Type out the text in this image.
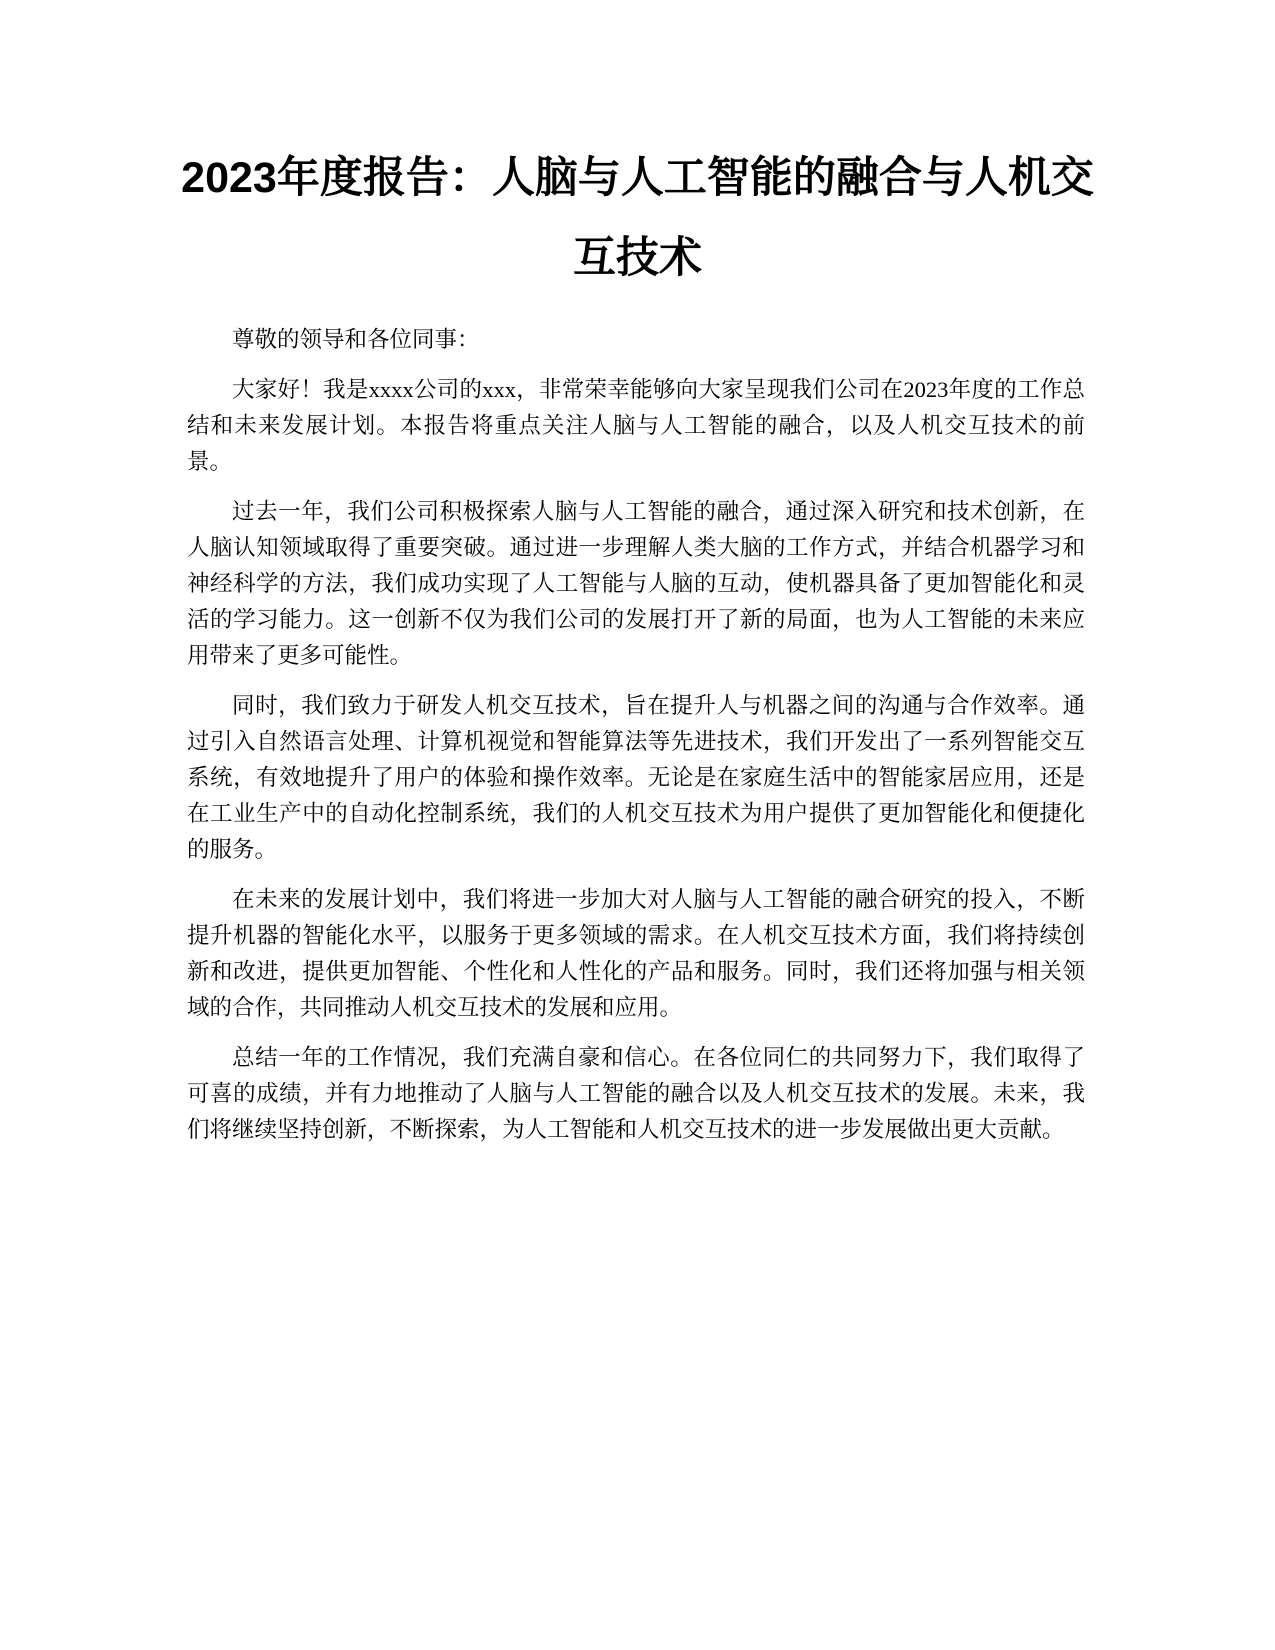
2023年度报告：人脑与人工智能的融合与人机交互技术

尊敬的领导和各位同事：

大家好！我是xxxx公司的xxx，非常荣幸能够向大家呈现我们公司在2023年度的工作总结和未来发展计划。本报告将重点关注人脑与人工智能的融合，以及人机交互技术的前景。

过去一年，我们公司积极探索人脑与人工智能的融合，通过深入研究和技术创新，在人脑认知领域取得了重要突破。通过进一步理解人类大脑的工作方式，并结合机器学习和神经科学的方法，我们成功实现了人工智能与人脑的互动，使机器具备了更加智能化和灵活的学习能力。这一创新不仅为我们公司的发展打开了新的局面，也为人工智能的未来应用带来了更多可能性。

同时，我们致力于研发人机交互技术，旨在提升人与机器之间的沟通与合作效率。通过引入自然语言处理、计算机视觉和智能算法等先进技术，我们开发出了一系列智能交互系统，有效地提升了用户的体验和操作效率。无论是在家庭生活中的智能家居应用，还是在工业生产中的自动化控制系统，我们的人机交互技术为用户提供了更加智能化和便捷化的服务。

在未来的发展计划中，我们将进一步加大对人脑与人工智能的融合研究的投入，不断提升机器的智能化水平，以服务于更多领域的需求。在人机交互技术方面，我们将持续创新和改进，提供更加智能、个性化和人性化的产品和服务。同时，我们还将加强与相关领域的合作，共同推动人机交互技术的发展和应用。

总结一年的工作情况，我们充满自豪和信心。在各位同仁的共同努力下，我们取得了可喜的成绩，并有力地推动了人脑与人工智能的融合以及人机交互技术的发展。未来，我们将继续坚持创新，不断探索，为人工智能和人机交互技术的进一步发展做出更大贡献。
